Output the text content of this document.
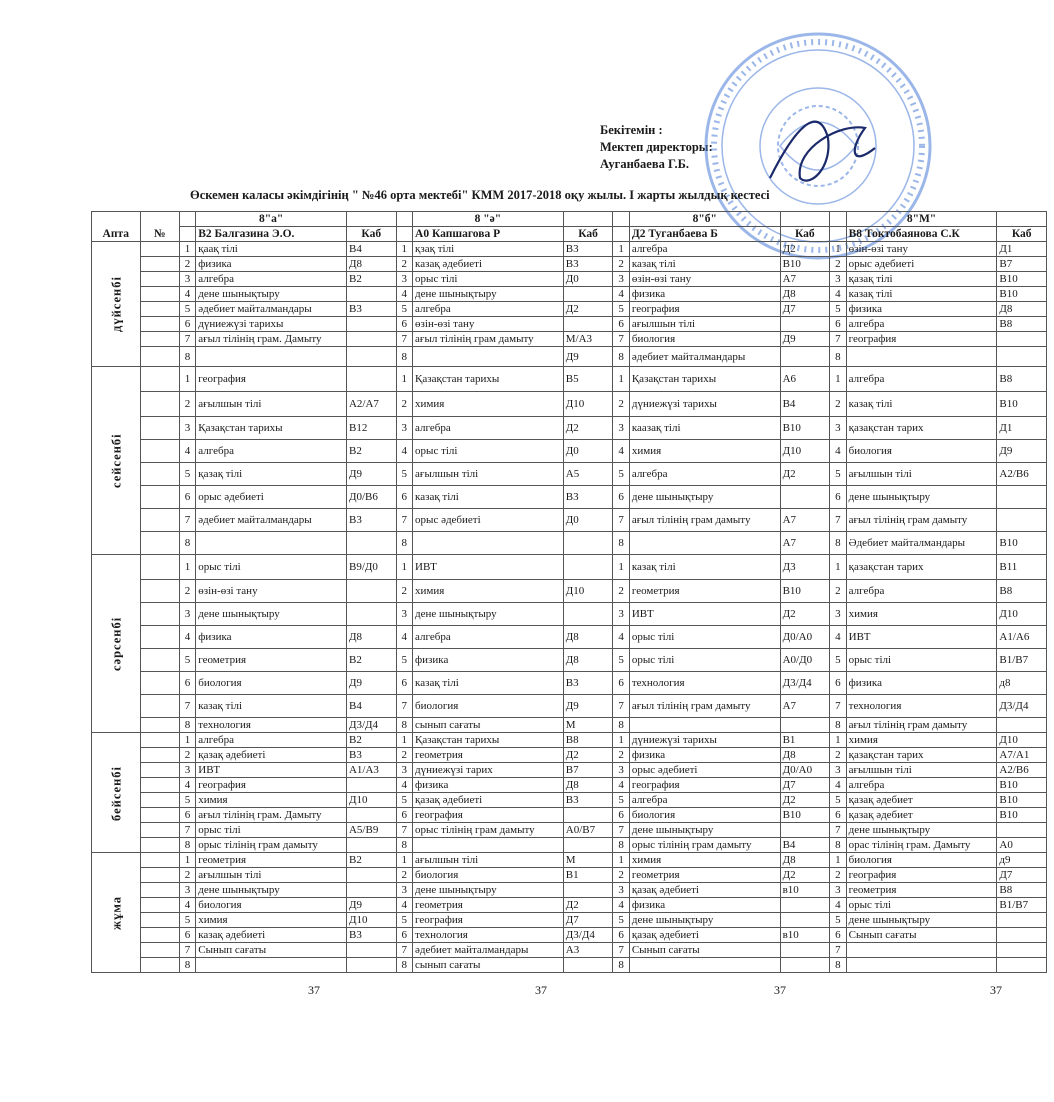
Бекітемін :
Мектеп директоры:
Ауганбаева Г.Б.
Өскемен каласы әкімдігінің " №46 орта мектебі" КММ 2017-2018 оқу жылы. I жарты жылдық кестесі
Апта	№		8"а"			8 "ә"			8"б"			8"М"	
			В2 Балгазина Э.О.	Каб		А0 Капшагова Р	Каб		Д2 Туганбаева Б	Каб		В8 Токтобаянова С.К	Каб
дүйсенбі		1	қаақ тілі	В4	1	қзақ тілі	В3	1	алгебра	Д2	1	өзін-өзі тану	Д1
		2	физика	Д8	2	казақ әдебиеті	В3	2	казақ тілі	В10	2	орыс әдебиеті	В7
		3	алгебра	В2	3	орыс тілі	Д0	3	өзін-өзі тану	А7	3	қазақ тілі	В10
		4	дене шынықтыру		4	дене шынықтыру		4	физика	Д8	4	казақ тілі	В10
		5	әдебиет майталмандары	В3	5	алгебра	Д2	5	география	Д7	5	физика	Д8
		6	дүниежүзі тарихы		6	өзін-өзі тану		6	ағылшын тілі		6	алгебра	В8
		7	ағыл тілінің грам. Дамыту		7	ағыл тілінің грам дамыту	М/А3	7	биология	Д9	7	география	
		8			8		Д9	8	әдебиет майталмандары		8		
сейсенбі		1	география		1	Қазақстан тарихы	В5	1	Қазақстан тарихы	А6	1	алгебра	В8
		2	ағылшын тілі	А2/А7	2	химия	Д10	2	дүниежүзі тарихы	В4	2	казақ тілі	В10
		3	Қазақстан тарихы	В12	3	алгебра	Д2	3	каазақ тілі	В10	3	қазақстан тарих	Д1
		4	алгебра	В2	4	орыс тілі	Д0	4	химия	Д10	4	биология	Д9
		5	қазақ тілі	Д9	5	ағылшын тілі	А5	5	алгебра	Д2	5	ағылшын тілі	А2/В6
		6	орыс әдебиеті	Д0/В6	6	казақ тілі	В3	6	дене шынықтыру		6	дене шынықтыру	
		7	әдебиет майталмандары	В3	7	орыс әдебиеті	Д0	7	ағыл тілінің грам дамыту	А7	7	ағыл тілінің грам дамыту	
		8			8			8		А7	8	Әдебиет майталмандары	В10
сәрсенбі		1	орыс тілі	В9/Д0	1	ИВТ		1	казақ тілі	Д3	1	қазақстан тарих	В11
		2	өзін-өзі тану		2	химия	Д10	2	геометрия	В10	2	алгебра	В8
		3	дене шынықтыру		3	дене шынықтыру		3	ИВТ	Д2	3	химия	Д10
		4	физика	Д8	4	алгебра	Д8	4	орыс тілі	Д0/А0	4	ИВТ	А1/А6
		5	геометрия	В2	5	физика	Д8	5	орыс тілі	А0/Д0	5	орыс тілі	В1/В7
		6	биология	Д9	6	казақ тілі	В3	6	технология	Д3/Д4	6	физика	д8
		7	казақ тілі	В4	7	биология	Д9	7	ағыл тілінің грам дамыту	А7	7	технология	Д3/Д4
		8	технология	Д3/Д4	8	сынып сағаты	М	8			8	ағыл тілінің грам дамыту	
бейсенбі		1	алгебра	В2	1	Қазақстан тарихы	В8	1	дүниежүзі тарихы	В1	1	химия	Д10
		2	қазақ әдебиеті	В3	2	геометрия	Д2	2	физика	Д8	2	қазақстан тарих	А7/А1
		3	ИВТ	А1/А3	3	дүниежүзі тарих	В7	3	орыс әдебиеті	Д0/А0	3	ағылшын тілі	А2/В6
		4	география		4	физика	Д8	4	география	Д7	4	алгебра	В10
		5	химия	Д10	5	қазақ әдебиеті	В3	5	алгебра	Д2	5	қазақ әдебиет	В10
		6	ағыл тілінің грам. Дамыту		6	география		6	биология	В10	6	қазақ әдебиет	В10
		7	орыс тілі	А5/В9	7	орыс тілінің грам дамыту	А0/В7	7	дене шынықтыру		7	дене шынықтыру	
		8	орыс тілінің грам дамыту		8			8	орыс тілінің грам дамыту	В4	8	орас тілінің грам. Дамыту	А0
жұма		1	геометрия	В2	1	ағылшын тілі	М	1	химия	Д8	1	биология	д9
		2	ағылшын тілі		2	биология	В1	2	геометрия	Д2	2	география	Д7
		3	дене шынықтыру		3	дене шынықтыру		3	қазақ әдебиеті	в10	3	геометрия	В8
		4	биология	Д9	4	геометрия	Д2	4	физика		4	орыс тілі	В1/В7
		5	химия	Д10	5	география	Д7	5	дене шынықтыру		5	дене шынықтыру	
		6	казақ әдебиеті	В3	6	технология	Д3/Д4	6	қазақ әдебиеті	в10	6	Сынып сағаты	
		7	Сынып сағаты		7	әдебиет майталмандары	А3	7	Сынып сағаты		7		
		8			8	сынып сағаты		8			8		
37	37	37	37
